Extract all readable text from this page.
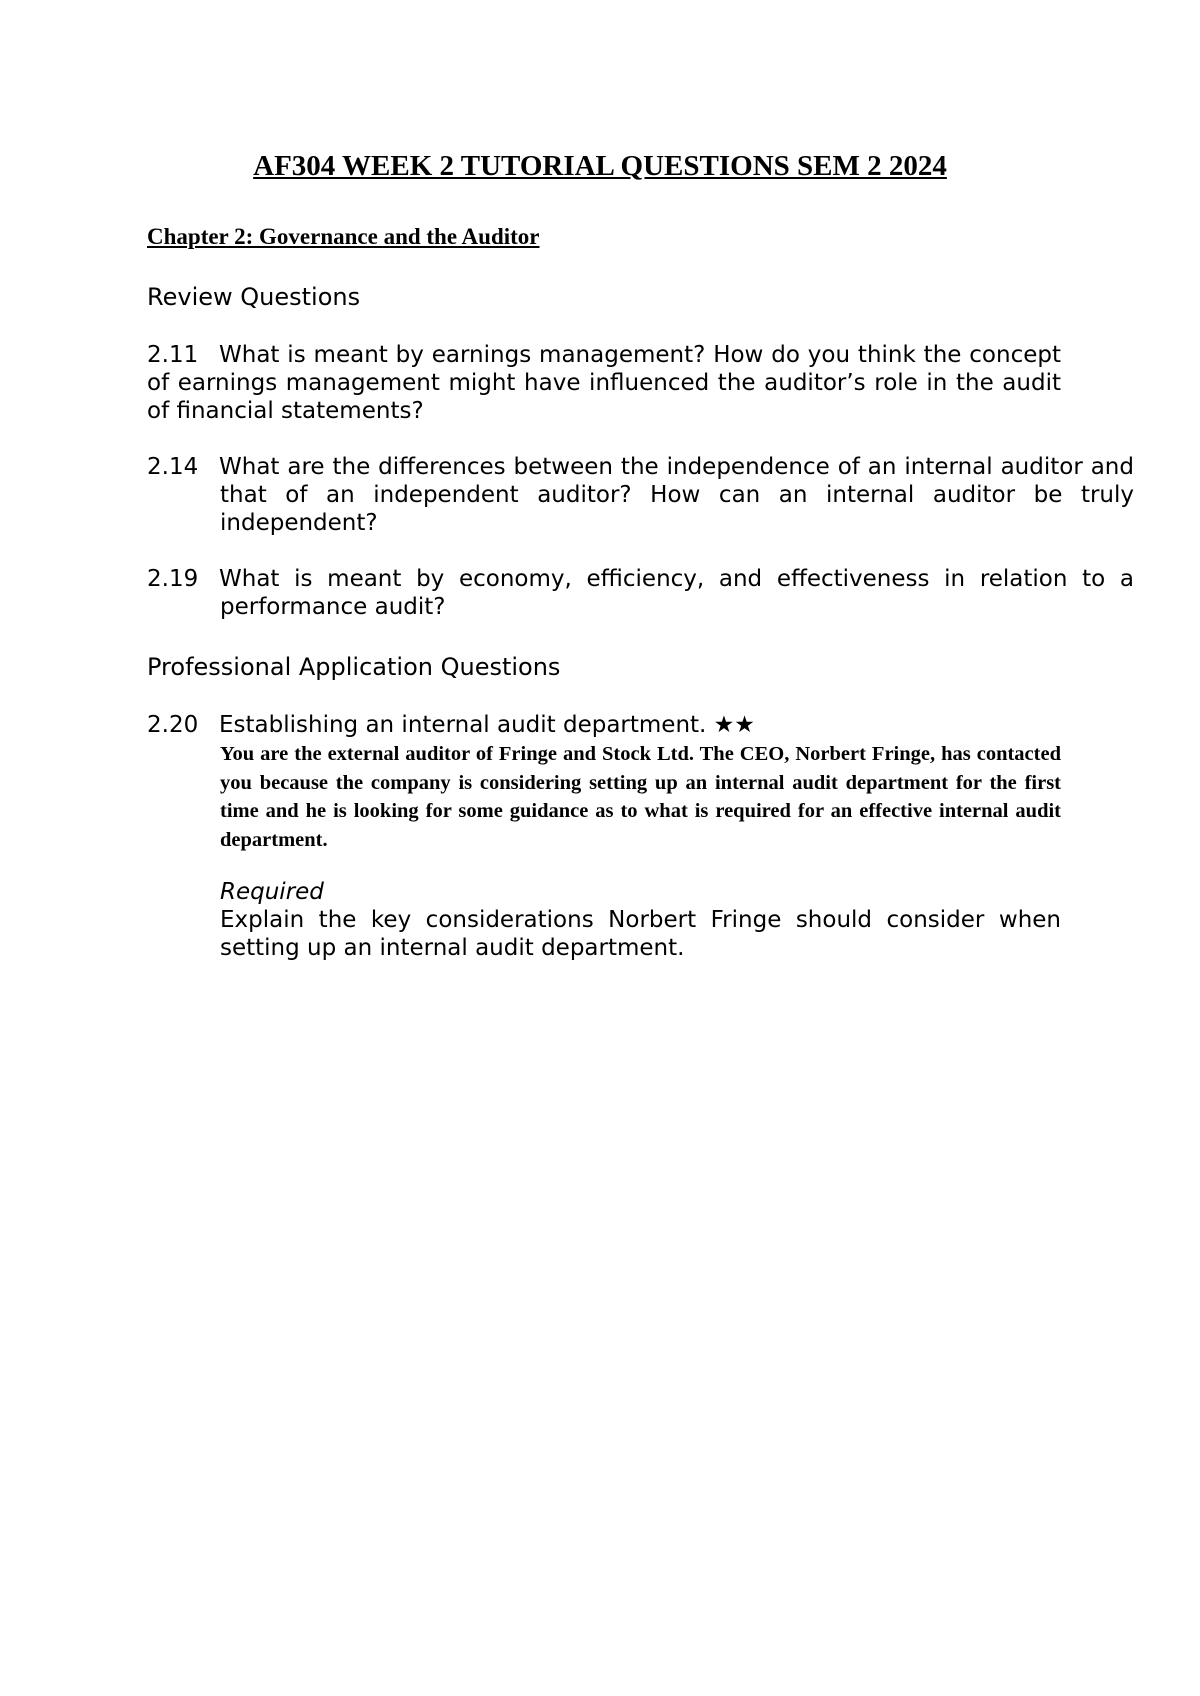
AF304 WEEK 2 TUTORIAL QUESTIONS SEM 2 2024
Chapter 2: Governance and the Auditor
Review Questions
2.11 What is meant by earnings management? How do you think the concept of earnings management might have influenced the auditor’s role in the audit of financial statements?
2.14 What are the differences between the independence of an internal auditor and that of an independent auditor? How can an internal auditor be truly independent?
2.19 What is meant by economy, efficiency, and effectiveness in relation to a performance audit?
Professional Application Questions
2.20 Establishing an internal audit department. ★★

You are the external auditor of Fringe and Stock Ltd. The CEO, Norbert Fringe, has contacted you because the company is considering setting up an internal audit department for the first time and he is looking for some guidance as to what is required for an effective internal audit department.

Required

Explain the key considerations Norbert Fringe should consider when setting up an internal audit department.
